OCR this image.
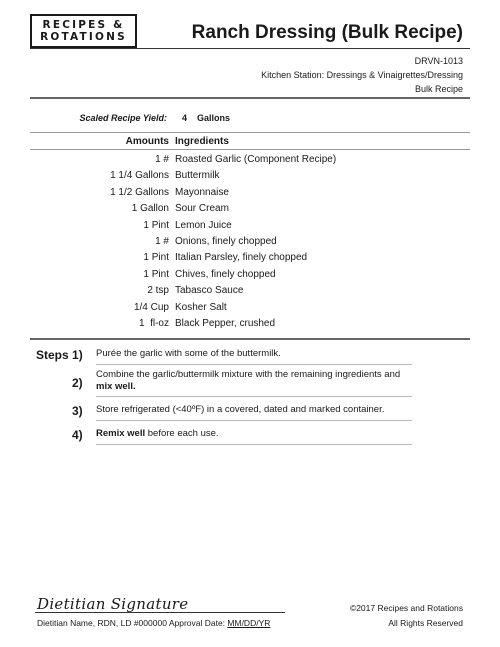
RECIPES &
ROTATIONS	Ranch Dressing (Bulk Recipe)
DRVN-1013
Kitchen Station: Dressings & Vinaigrettes/Dressing
Bulk Recipe
Scaled Recipe Yield: 4    Gallons
Amounts Ingredients
1 # Roasted Garlic (Component Recipe)
1 1/4 Gallons Buttermilk
1 1/2 Gallons Mayonnaise
1 Gallon Sour Cream
1 Pint Lemon Juice
1 # Onions, finely chopped
1 Pint Italian Parsley, finely chopped
1 Pint Chives, finely chopped
2 tsp Tabasco Sauce
1/4 Cup Kosher Salt
1  fl-oz Black Pepper, crushed
Steps 1) Purée the garlic with some of the buttermilk.
2)
Combine the garlic/buttermilk mixture with the remaining ingredients and mix well.
3) Store refrigerated (<40ºF) in a covered, dated and marked container.
4) Remix well before each use.
Dietitian Signature
Dietitian Name, RDN, LD #000000 Approval Date: MM/DD/YR
©2017 Recipes and Rotations
All Rights Reserved
